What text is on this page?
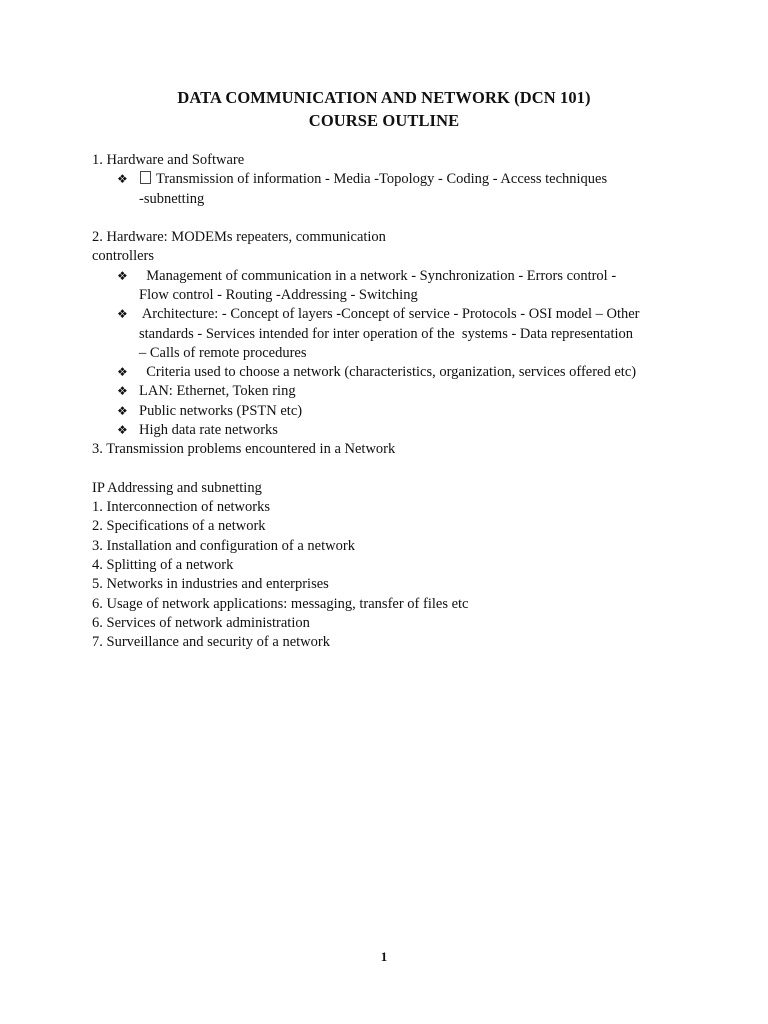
DATA COMMUNICATION AND NETWORK (DCN 101)
COURSE OUTLINE
1. Hardware and Software
❖	Transmission of information - Media -Topology - Coding - Access techniques
-subnetting
2. Hardware: MODEMs repeaters, communication
controllers
❖ Management of communication in a network - Synchronization - Errors control -
Flow control - Routing -Addressing - Switching
❖ Architecture: - Concept of layers -Concept of service - Protocols - OSI model – Other
standards - Services intended for inter operation of the  systems - Data representation
– Calls of remote procedures
❖ Criteria used to choose a network (characteristics, organization, services offered etc)
❖ LAN: Ethernet, Token ring
❖ Public networks (PSTN etc)
❖ High data rate networks
3. Transmission problems encountered in a Network
IP Addressing and subnetting
1. Interconnection of networks
2. Specifications of a network
3. Installation and configuration of a network
4. Splitting of a network
5. Networks in industries and enterprises
6. Usage of network applications: messaging, transfer of files etc
6. Services of network administration
7. Surveillance and security of a network
1
